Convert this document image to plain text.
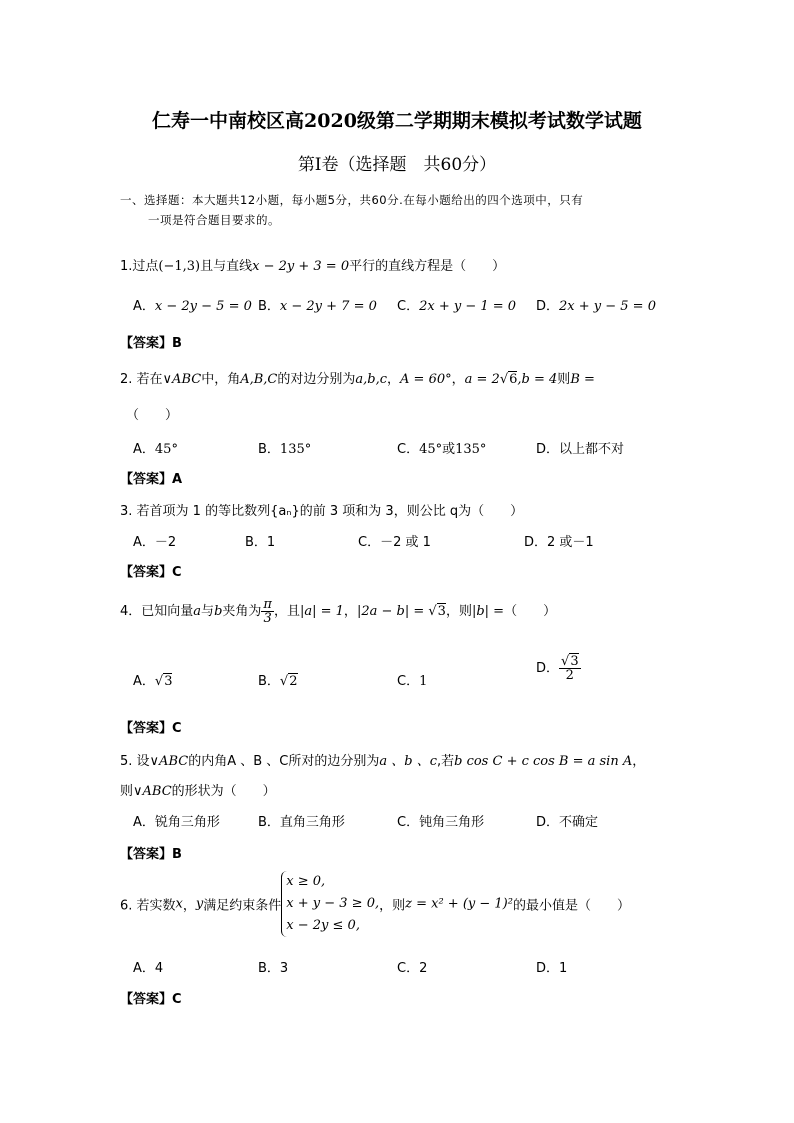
仁寿一中南校区高2020级第二学期期末模拟考试数学试题
第Ⅰ卷（选择题　共60分）
一、选择题：本大题共12小题，每小题5分，共60分.在每小题给出的四个选项中，只有
一项是符合题目要求的。
1.过点(−1,3)且与直线x − 2y + 3 = 0平行的直线方程是（　　）
A．x − 2y − 5 = 0 B．x − 2y + 7 = 0 C．2x + y − 1 = 0 D．2x + y − 5 = 0
【答案】B
2. 若在∨ABC中，角A,B,C的对边分别为a,b,c，A = 60°，a = 2√6,b = 4则B =
（　　）
A．45°	B．135°	C．45°或135°	D．以上都不对
【答案】A
3. 若首项为 1 的等比数列{aₙ}的前 3 项和为 3，则公比 q为（　　）
A．－2	B．1	C．－2 或 1	D．2 或－1
【答案】C
4．已知向量a与b夹角为 $\frac{\pi}{3}$ ，且|a| = 1，|2a − b| = √3，则|b| =（　　）
A．√3	B．√2	C．1
D． $\frac{√3}{2}$
【答案】C
5. 设∨ABC的内角A 、B 、C所对的边分别为a 、b 、c,若b cos C + c cos B = a sin A，
则∨ABC的形状为（　　）
A．锐角三角形	B．直角三角形	C．钝角三角形	D．不确定
【答案】B
6. 若实数x，y满足约束条件
x ≥ 0,
x + y − 3 ≥ 0,
x − 2y ≤ 0,
，则z = x² + (y − 1)²的最小值是（　　）
A．4	B．3	C．2	D．1
【答案】C
